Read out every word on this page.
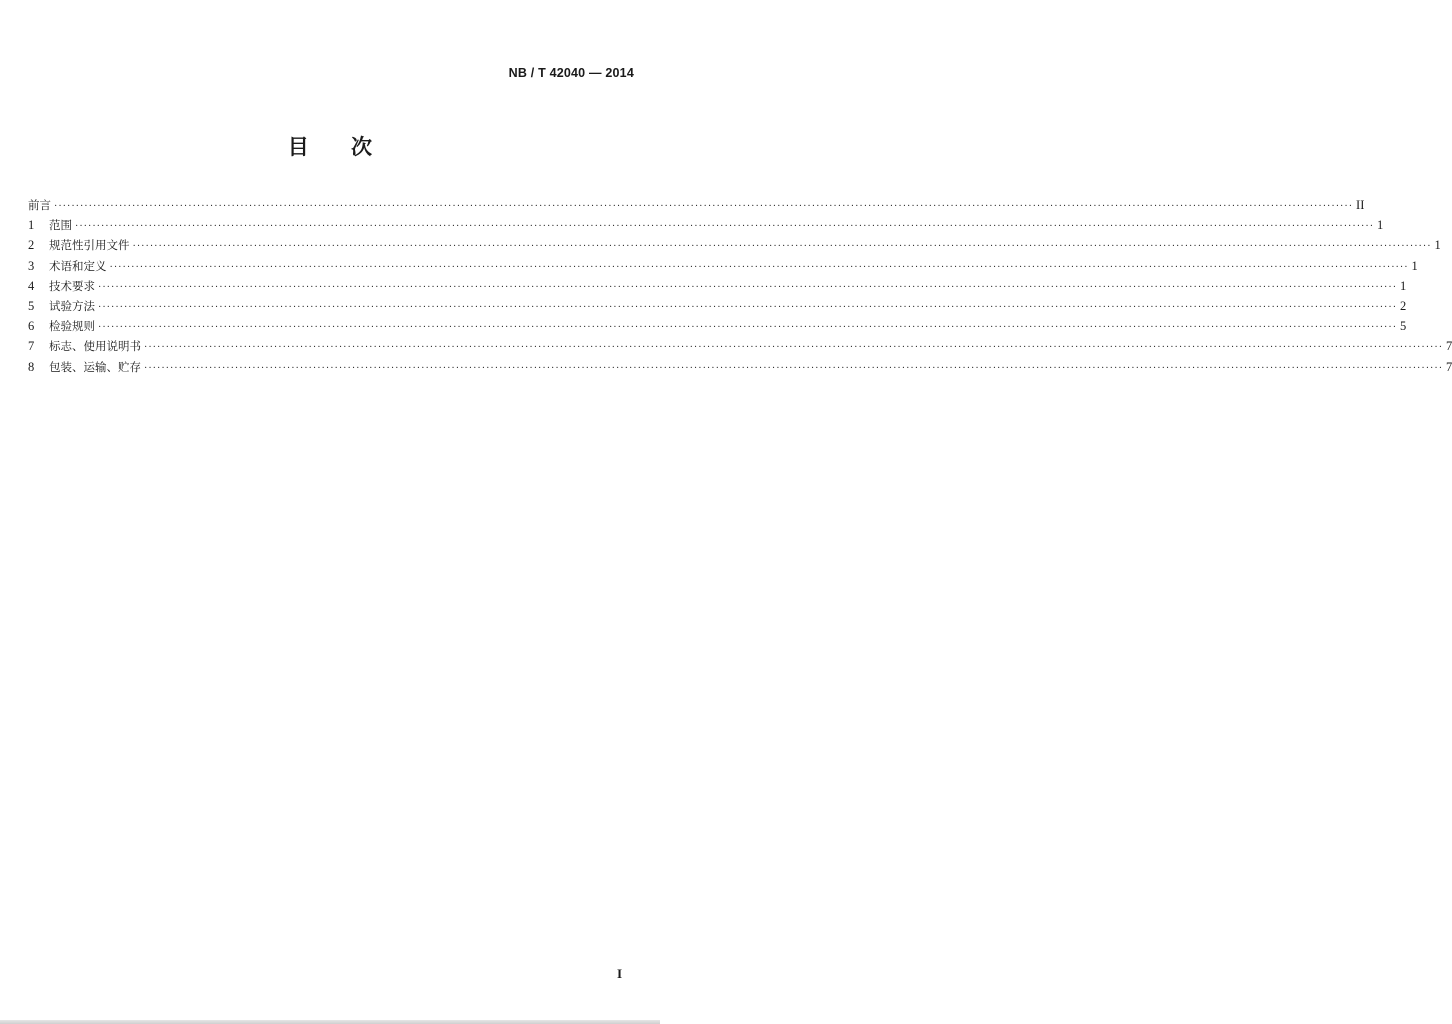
NB / T 42040 — 2014
目 次
前言 ············································································································································································································································································································ II
1	范围 ············································································································································································································································································································ 1
2	规范性引用文件 ············································································································································································································································································································ 1
3	术语和定义 ············································································································································································································································································································ 1
4	技术要求 ············································································································································································································································································································ 1
5	试验方法 ············································································································································································································································································································ 2
6	检验规则 ············································································································································································································································································································ 5
7	标志、使用说明书 ············································································································································································································································································································ 7
8	包装、运输、贮存 ············································································································································································································································································································ 7
I
